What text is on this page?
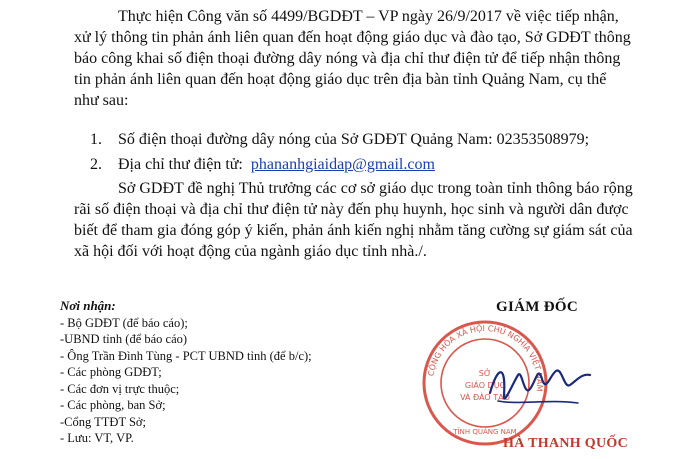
Thực hiện Công văn số 4499/BGDĐT – VP ngày 26/9/2017 về việc tiếp nhận, xử lý thông tin phản ánh liên quan đến hoạt động giáo dục và đào tạo, Sở GDĐT thông báo công khai số điện thoại đường dây nóng và địa chỉ thư điện tử để tiếp nhận thông tin phản ánh liên quan đến hoạt động giáo dục trên địa bàn tỉnh Quảng Nam, cụ thể như sau:

1. Số điện thoại đường dây nóng của Sở GDĐT Quảng Nam: 02353508979;
2. Địa chỉ thư điện tử: phananhgiaidap@gmail.com

Sở GDĐT đề nghị Thủ trưởng các cơ sở giáo dục trong toàn tỉnh thông báo rộng rãi số điện thoại và địa chỉ thư điện tử này đến phụ huynh, học sinh và người dân được biết để tham gia đóng góp ý kiến, phản ánh kiến nghị nhằm tăng cường sự giám sát của xã hội đối với hoạt động của ngành giáo dục tỉnh nhà./.

Nơi nhận:
- Bộ GDĐT (để báo cáo);
-UBND tỉnh (để báo cáo)
- Ông Trần Đình Tùng - PCT UBND tỉnh (để b/c);
- Các phòng GDĐT;
- Các đơn vị trực thuộc;
- Các phòng, ban Sở;
-Cổng TTĐT Sở;
- Lưu: VT, VP.
GIÁM ĐỐC
CỘNG HÒA XÃ HỘI CHỦ NGHĨA VIỆT NAM
SỞ
GIÁO DỤC
VÀ ĐÀO TẠO
TỈNH QUẢNG NAM
HÀ THANH QUỐC
